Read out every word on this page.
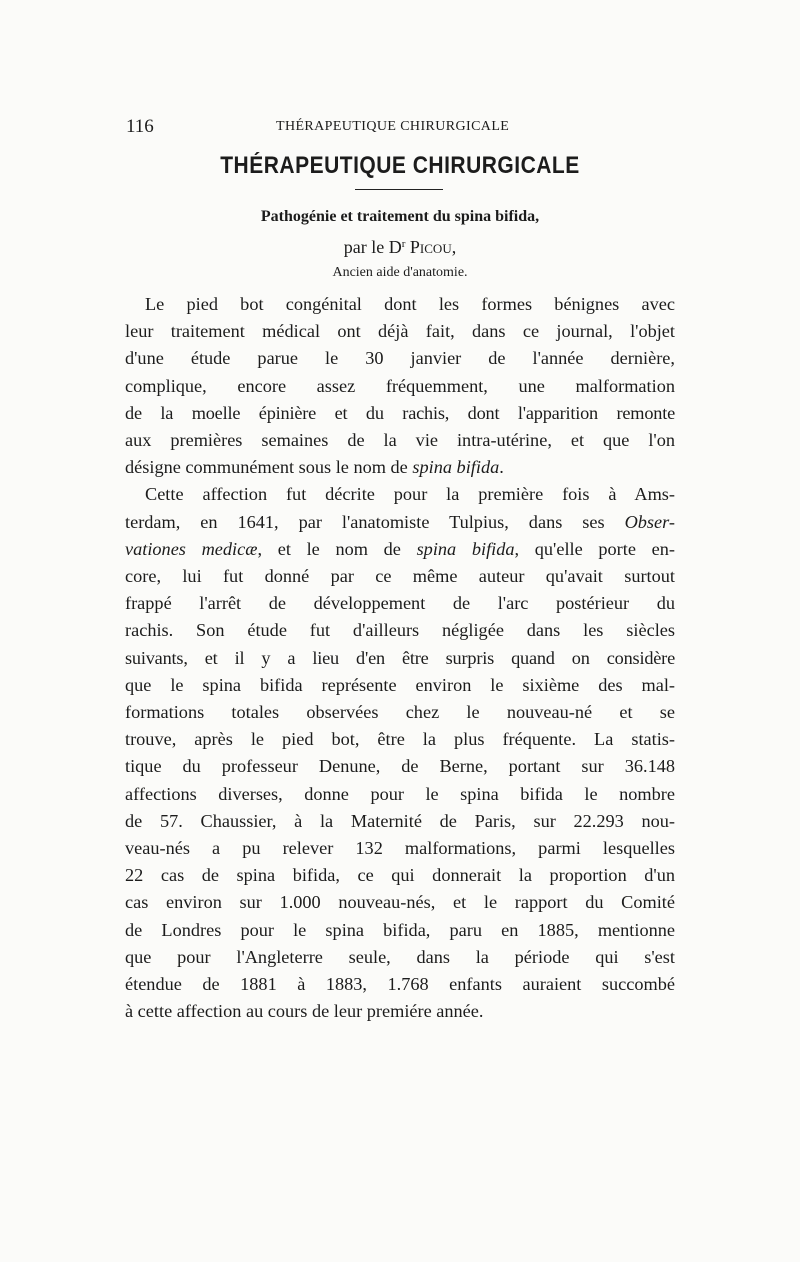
116	THÉRAPEUTIQUE CHIRURGICALE
THÉRAPEUTIQUE CHIRURGICALE
Pathogénie et traitement du spina bifida,
par le $D^r$ Picou,
Ancien aide d'anatomie.
Le pied bot congénital dont les formes bénignes avec
leur traitement médical ont déjà fait, dans ce journal, l'objet
d'une étude parue le 30 janvier de l'année dernière,
complique, encore assez fréquemment, une malformation
de la moelle épinière et du rachis, dont l'apparition remonte
aux premières semaines de la vie intra-utérine, et que l'on
désigne communément sous le nom de spina bifida.
Cette affection fut décrite pour la première fois à Ams-
terdam, en 1641, par l'anatomiste Tulpius, dans ses Obser-
vationes medicæ, et le nom de spina bifida, qu'elle porte en-
core, lui fut donné par ce même auteur qu'avait surtout
frappé l'arrêt de développement de l'arc postérieur du
rachis. Son étude fut d'ailleurs négligée dans les siècles
suivants, et il y a lieu d'en être surpris quand on considère
que le spina bifida représente environ le sixième des mal-
formations totales observées chez le nouveau-né et se
trouve, après le pied bot, être la plus fréquente. La statis-
tique du professeur Denune, de Berne, portant sur 36.148
affections diverses, donne pour le spina bifida le nombre
de 57. Chaussier, à la Maternité de Paris, sur 22.293 nou-
veau-nés a pu relever 132 malformations, parmi lesquelles
22 cas de spina bifida, ce qui donnerait la proportion d'un
cas environ sur 1.000 nouveau-nés, et le rapport du Comité
de Londres pour le spina bifida, paru en 1885, mentionne
que pour l'Angleterre seule, dans la période qui s'est
étendue de 1881 à 1883, 1.768 enfants auraient succombé
à cette affection au cours de leur premiére année.
